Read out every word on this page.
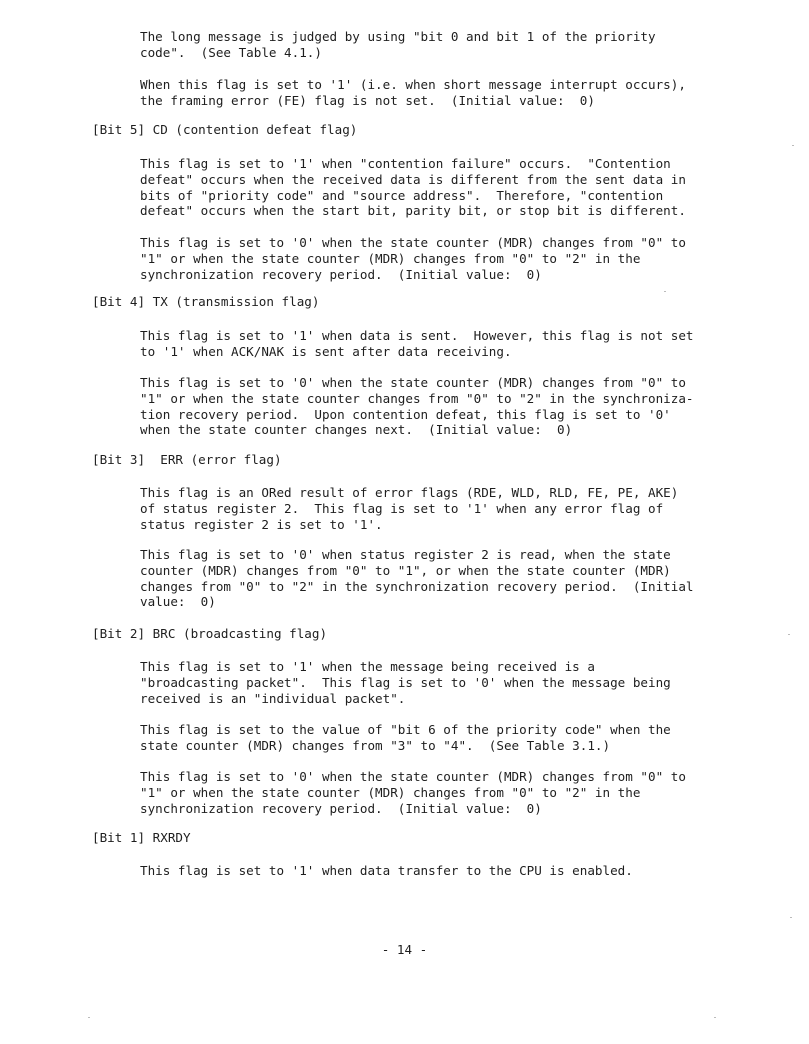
The long message is judged by using "bit 0 and bit 1 of the priority
code".  (See Table 4.1.)
When this flag is set to '1' (i.e. when short message interrupt occurs),
the framing error (FE) flag is not set.  (Initial value:  0)
[Bit 5] CD (contention defeat flag)
This flag is set to '1' when "contention failure" occurs.  "Contention
defeat" occurs when the received data is different from the sent data in
bits of "priority code" and "source address".  Therefore, "contention
defeat" occurs when the start bit, parity bit, or stop bit is different.
This flag is set to '0' when the state counter (MDR) changes from "0" to
"1" or when the state counter (MDR) changes from "0" to "2" in the
synchronization recovery period.  (Initial value:  0)
[Bit 4] TX (transmission flag)
This flag is set to '1' when data is sent.  However, this flag is not set
to '1' when ACK/NAK is sent after data receiving.
This flag is set to '0' when the state counter (MDR) changes from "0" to
"1" or when the state counter changes from "0" to "2" in the synchroniza-
tion recovery period.  Upon contention defeat, this flag is set to '0'
when the state counter changes next.  (Initial value:  0)
[Bit 3]  ERR (error flag)
This flag is an ORed result of error flags (RDE, WLD, RLD, FE, PE, AKE)
of status register 2.  This flag is set to '1' when any error flag of
status register 2 is set to '1'.
This flag is set to '0' when status register 2 is read, when the state
counter (MDR) changes from "0" to "1", or when the state counter (MDR)
changes from "0" to "2" in the synchronization recovery period.  (Initial
value:  0)
[Bit 2] BRC (broadcasting flag)
This flag is set to '1' when the message being received is a
"broadcasting packet".  This flag is set to '0' when the message being
received is an "individual packet".
This flag is set to the value of "bit 6 of the priority code" when the
state counter (MDR) changes from "3" to "4".  (See Table 3.1.)
This flag is set to '0' when the state counter (MDR) changes from "0" to
"1" or when the state counter (MDR) changes from "0" to "2" in the
synchronization recovery period.  (Initial value:  0)
[Bit 1] RXRDY
This flag is set to '1' when data transfer to the CPU is enabled.
- 14 -
